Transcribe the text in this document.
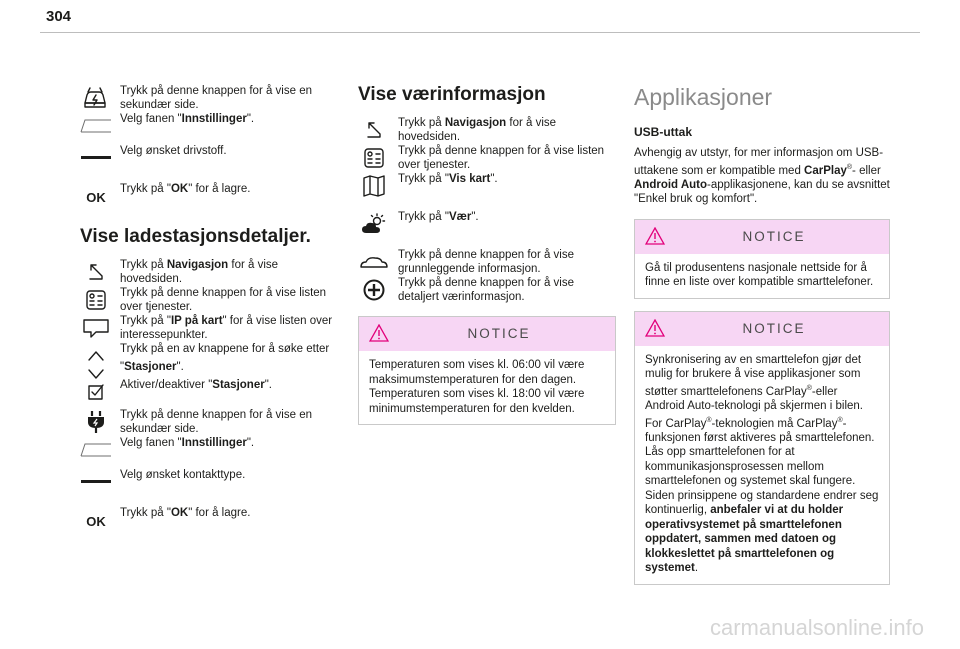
304
Trykk på denne knappen for å vise en sekundær side.
Velg fanen "Innstillinger".
Velg ønsket drivstoff.
OK
Trykk på "OK" for å lagre.
Vise ladestasjonsdetaljer.
Trykk på Navigasjon for å vise hovedsiden.
Trykk på denne knappen for å vise listen over tjenester.
Trykk på "IP på kart" for å vise listen over interessepunkter.
Trykk på en av knappene for å søke etter
"Stasjoner".
Aktiver/deaktiver "Stasjoner".
Trykk på denne knappen for å vise en sekundær side.
Velg fanen "Innstillinger".
Velg ønsket kontakttype.
OK
Trykk på "OK" for å lagre.
Vise værinformasjon
Trykk på Navigasjon for å vise hovedsiden.
Trykk på denne knappen for å vise listen over tjenester.
Trykk på "Vis kart".
Trykk på "Vær".
Trykk på denne knappen for å vise grunnleggende informasjon.
Trykk på denne knappen for å vise detaljert værinformasjon.
NOTICE
Temperaturen som vises kl. 06:00 vil være maksimumstemperaturen for den dagen. Temperaturen som vises kl. 18:00 vil være minimumstemperaturen for den kvelden.
Applikasjoner
USB-uttak
Avhengig av utstyr, for mer informasjon om USB-uttakene som er kompatible med CarPlay®- eller Android Auto-applikasjonene, kan du se avsnittet "Enkel bruk og komfort".
NOTICE
Gå til produsentens nasjonale nettside for å finne en liste over kompatible smarttelefoner.
NOTICE
Synkronisering av en smarttelefon gjør det mulig for brukere å vise applikasjoner som støtter smarttelefonens CarPlay®-eller Android Auto-teknologi på skjermen i bilen. For CarPlay®-teknologien må CarPlay®-funksjonen først aktiveres på smarttelefonen. Lås opp smarttelefonen for at kommunikasjonsprosessen mellom smarttelefonen og systemet skal fungere. Siden prinsippene og standardene endrer seg kontinuerlig, anbefaler vi at du holder operativsystemet på smarttelefonen oppdatert, sammen med datoen og klokkeslettet på smarttelefonen og systemet.
carmanualsonline.info
